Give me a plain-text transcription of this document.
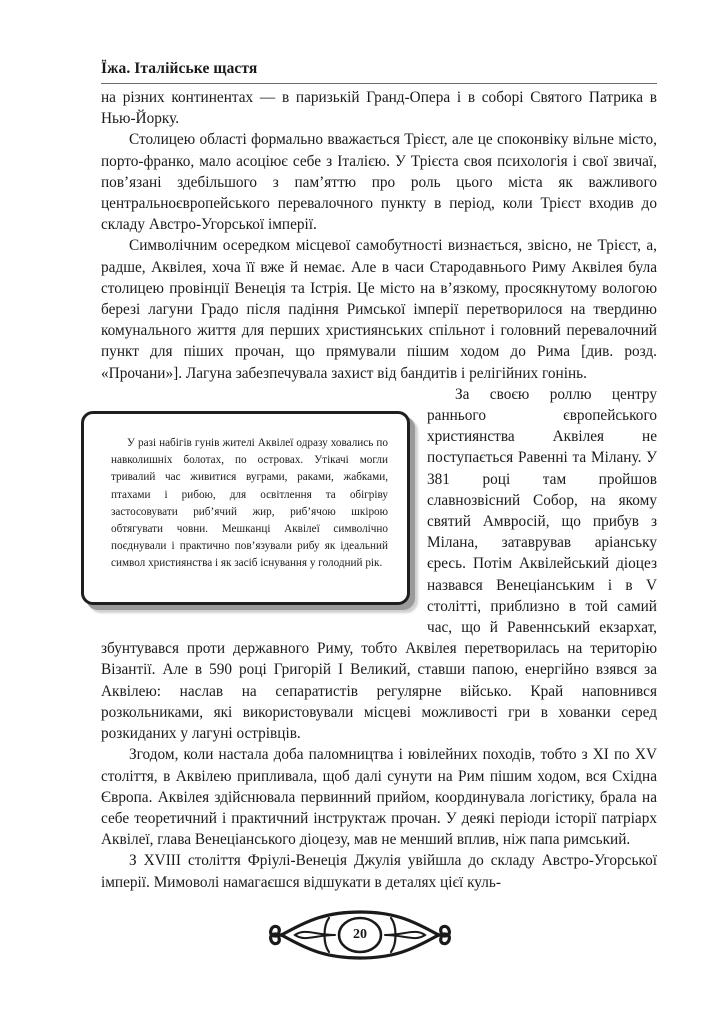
Їжа. Італійське щастя

на різних континентах — в паризькій Гранд-Опера і в соборі Святого Патрика в Нью-Йорку.

Столицею області формально вважається Трієст, але це споконвіку вільне місто, порто-франко, мало асоціює себе з Італією. У Трієста своя психологія і свої звичаї, пов’язані здебільшого з пам’яттю про роль цього міста як важливого центральноєвропейського перевалочного пункту в період, коли Трієст входив до складу Австро-Угорської імперії.

Символічним осередком місцевої самобутності визнається, звісно, не Трієст, а, радше, Аквілея, хоча її вже й немає. Але в часи Стародавнього Риму Аквілея була столицею провінції Венеція та Істрія. Це місто на в’язкому, просякнутому вологою березі лагуни Градо після падіння Римської імперії перетворилося на твердиню комунального життя для перших християнських спільнот і головний перевалочний пункт для піших прочан, що прямували пішим ходом до Рима [див. розд. «Прочани»]. Лагуна забезпечувала захист від бандитів і релігійних гонінь.

За своєю роллю центру раннього європейського християнства Аквілея не поступається Равенні та Мілану. У 381 році там пройшов славнозвісний Собор, на якому святий Амвросій, що прибув з Мілана, затаврував аріанську єресь. Потім Аквілейський діоцез назвався Венеціанським і в V столітті, приблизно в той самий час, що й Равеннський екзархат, збунтувався проти державного Риму, тобто Аквілея перетворилась на територію Візантії. Але в 590 році Григорій I Великий, ставши папою, енергійно взявся за Аквілею: наслав на сепаратистів регулярне військо. Край наповнився розкольниками, які використовували місцеві можливості гри в хованки серед розкиданих у лагуні острівців.

Згодом, коли настала доба паломництва і ювілейних походів, тобто з XI по XV століття, в Аквілею припливала, щоб далі сунути на Рим пішим ходом, вся Східна Європа. Аквілея здійснювала первинний прийом, координувала логістику, брала на себе теоретичний і практичний інструктаж прочан. У деякі періоди історії патріарх Аквілеї, глава Венеціанського діоцезу, мав не менший вплив, ніж папа римський.

З XVIII століття Фріулі-Венеція Джулія увійшла до складу Австро-Угорської імперії. Мимоволі намагаєшся відшукати в деталях цієї куль-

У разі набігів гунів жителі Аквілеї одразу ховались по навколишніх болотах, по островах. Утікачі могли тривалий час живитися вуграми, раками, жабками, птахами і рибою, для освітлення та обігріву застосовувати риб’ячий жир, риб’ячою шкірою обтягувати човни. Мешканці Аквілеї символічно поєднували і практично пов’язували рибу як ідеальний символ християнства і як засіб існування у голодний рік.

20
